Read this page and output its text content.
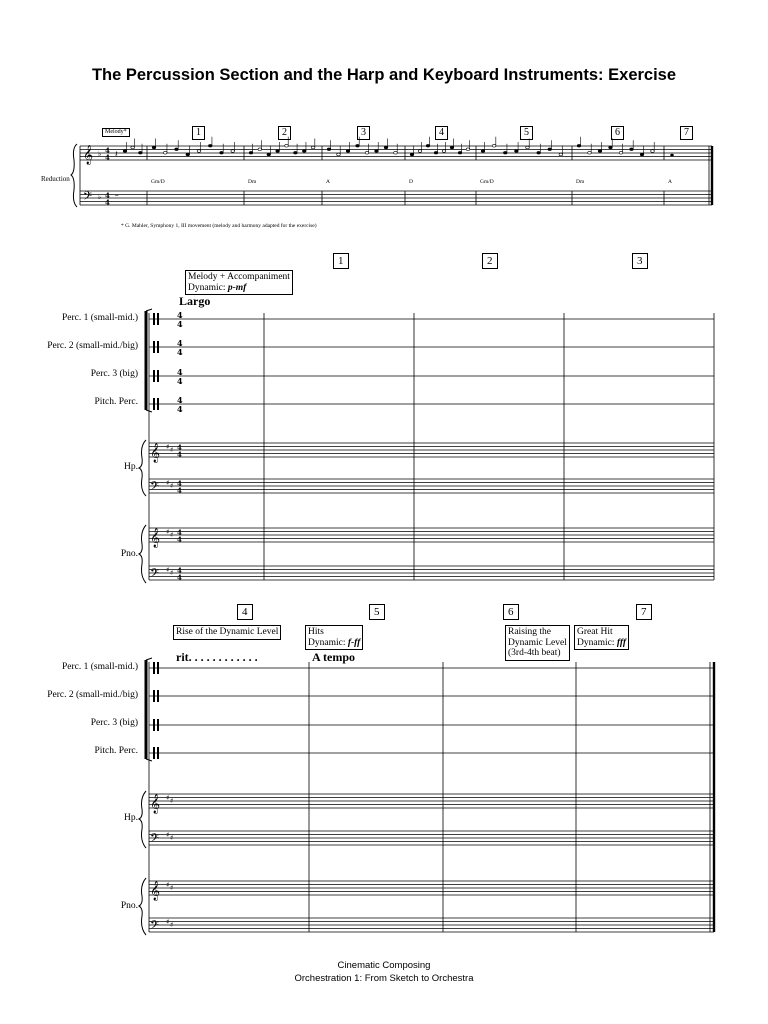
The Percussion Section and the Harp and Keyboard Instruments: Exercise
Melody*	1	2	3	4	5	6	7
Reduction	Gm/D	Dm	A	D	Gm/D	Dm	A
* G. Mahler, Symphony 1, III movement (melody and harmony adapted for the exercise)
𝄞
𝄢
♭
♭
4
4
4
4
𝄽
𝄼
4
4
4
4
4
4
4
4
𝄞
𝄢
♯ ♯
♯ ♯
4
4
4
4
𝄞
𝄢
♯ ♯
♯ ♯
4
4
4
4
𝄞
𝄢
♯ ♯
♯ ♯
𝄞
𝄢
♯ ♯
♯ ♯
1	2	3
Melody + Accompaniment
Dynamic: p-mf
Largo
Perc. 1 (small-mid.)
Perc. 2 (small-mid./big)
Perc. 3 (big)
Pitch. Perc.
Hp.
Pno.
4	5	6	7
Rise of the Dynamic Level	Hits
Dynamic: f-ff
Raising the
Dynamic Level
(3rd-4th beat)
Great Hit
Dynamic: fff
rit. . . . . . . . . . . .	A tempo
Perc. 1 (small-mid.)
Perc. 2 (small-mid./big)
Perc. 3 (big)
Pitch. Perc.
Hp.
Pno.
Cinematic Composing
Orchestration 1: From Sketch to Orchestra
